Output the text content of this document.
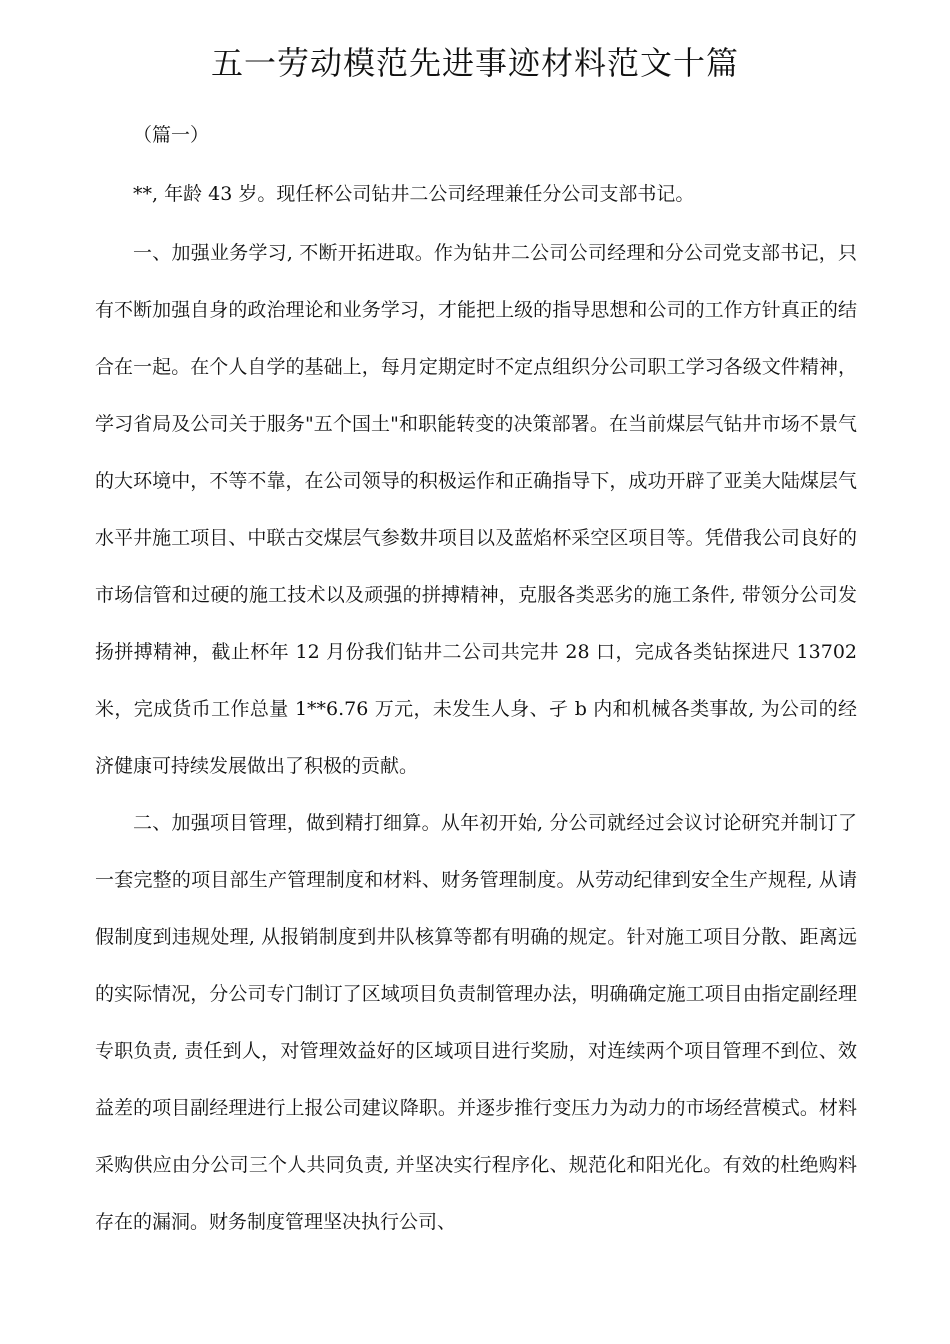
五一劳动模范先进事迹材料范文十篇

（篇一）

**, 年龄 43 岁。现任杯公司钻井二公司经理兼任分公司支部书记。

一、加强业务学习, 不断开拓进取。作为钻井二公司公司经理和分公司党支部书记，只有不断加强自身的政治理论和业务学习，才能把上级的指导思想和公司的工作方针真正的结合在一起。在个人自学的基础上，每月定期定时不定点组织分公司职工学习各级文件精神，学习省局及公司关于服务"五个国土"和职能转变的决策部署。在当前煤层气钻井市场不景气的大环境中，不等不靠，在公司领导的积极运作和正确指导下，成功开辟了亚美大陆煤层气水平井施工项目、中联古交煤层气参数井项目以及蓝焰杯采空区项目等。凭借我公司良好的市场信管和过硬的施工技术以及顽强的拼搏精神，克服各类恶劣的施工条件, 带领分公司发扬拼搏精神，截止杯年 12 月份我们钻井二公司共完井 28 口，完成各类钻探进尺 13702 米，完成货币工作总量 1**6.76 万元，未发生人身、孑 b 内和机械各类事故, 为公司的经济健康可持续发展做出了积极的贡献。

二、加强项目管理，做到精打细算。从年初开始, 分公司就经过会议讨论研究并制订了一套完整的项目部生产管理制度和材料、财务管理制度。从劳动纪律到安全生产规程, 从请假制度到违规处理, 从报销制度到井队核算等都有明确的规定。针对施工项目分散、距离远的实际情况，分公司专门制订了区域项目负责制管理办法，明确确定施工项目由指定副经理专职负责, 责任到人，对管理效益好的区域项目进行奖励，对连续两个项目管理不到位、效益差的项目副经理进行上报公司建议降职。并逐步推行变压力为动力的市场经营模式。材料采购供应由分公司三个人共同负责, 并坚决实行程序化、规范化和阳光化。有效的杜绝购料存在的漏洞。财务制度管理坚决执行公司、
